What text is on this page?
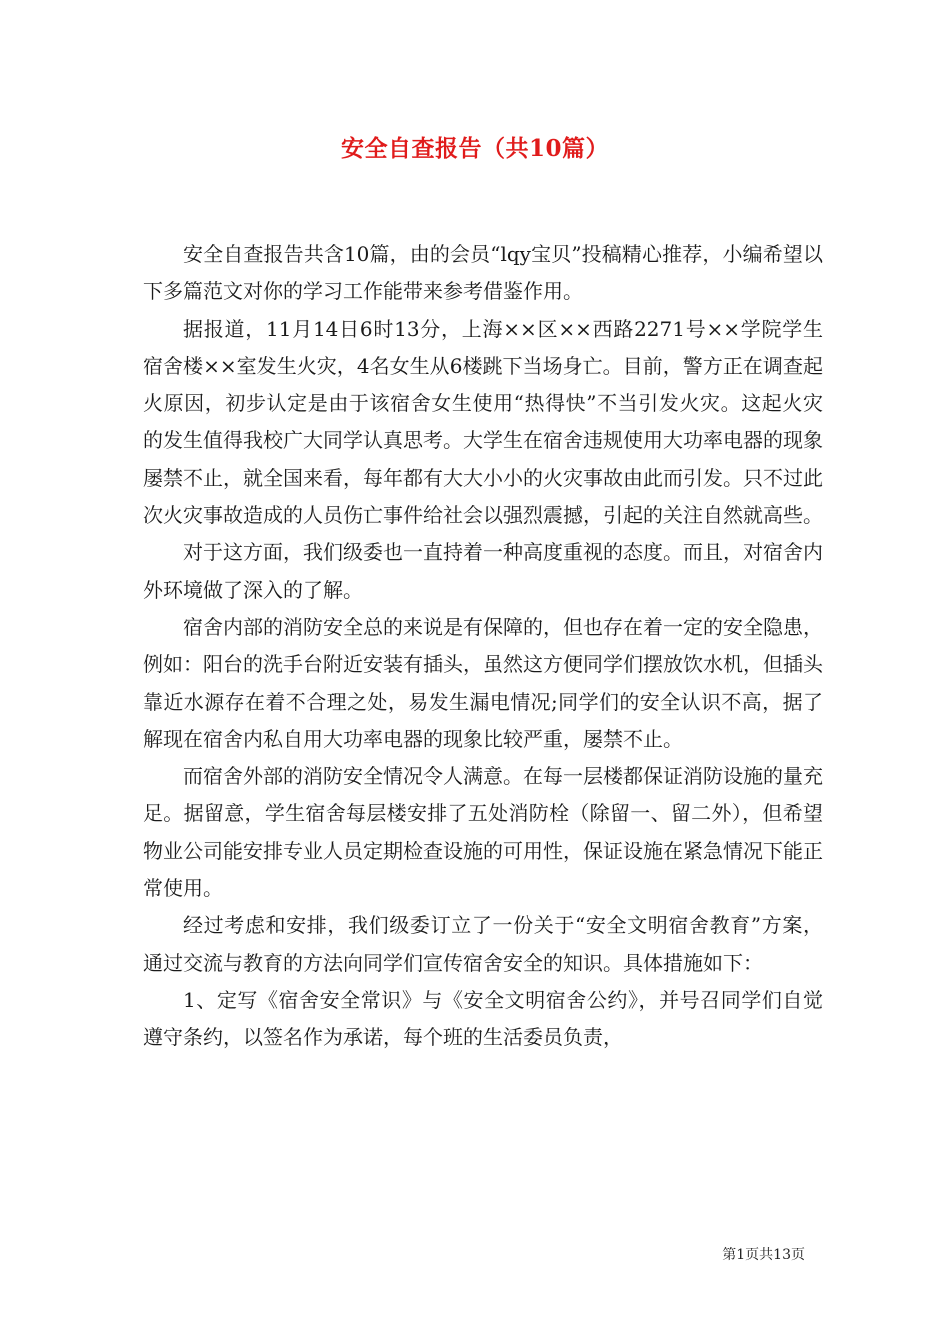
安全自查报告（共10篇）

安全自查报告共含10篇，由的会员“lqy宝贝”投稿精心推荐，小编希望以下多篇范文对你的学习工作能带来参考借鉴作用。

据报道，11月14日6时13分，上海××区××西路2271号××学院学生宿舍楼××室发生火灾，4名女生从6楼跳下当场身亡。目前，警方正在调查起火原因，初步认定是由于该宿舍女生使用“热得快”不当引发火灾。这起火灾的发生值得我校广大同学认真思考。大学生在宿舍违规使用大功率电器的现象屡禁不止，就全国来看，每年都有大大小小的火灾事故由此而引发。只不过此次火灾事故造成的人员伤亡事件给社会以强烈震撼，引起的关注自然就高些。

对于这方面，我们级委也一直持着一种高度重视的态度。而且，对宿舍内外环境做了深入的了解。

宿舍内部的消防安全总的来说是有保障的，但也存在着一定的安全隐患，例如：阳台的洗手台附近安装有插头，虽然这方便同学们摆放饮水机，但插头靠近水源存在着不合理之处，易发生漏电情况;同学们的安全认识不高，据了解现在宿舍内私自用大功率电器的现象比较严重，屡禁不止。

而宿舍外部的消防安全情况令人满意。在每一层楼都保证消防设施的量充足。据留意，学生宿舍每层楼安排了五处消防栓（除留一、留二外），但希望物业公司能安排专业人员定期检查设施的可用性，保证设施在紧急情况下能正常使用。

经过考虑和安排，我们级委订立了一份关于“安全文明宿舍教育”方案，通过交流与教育的方法向同学们宣传宿舍安全的知识。具体措施如下：

1、定写《宿舍安全常识》与《安全文明宿舍公约》，并号召同学们自觉遵守条约，以签名作为承诺，每个班的生活委员负责，

第1页共13页
